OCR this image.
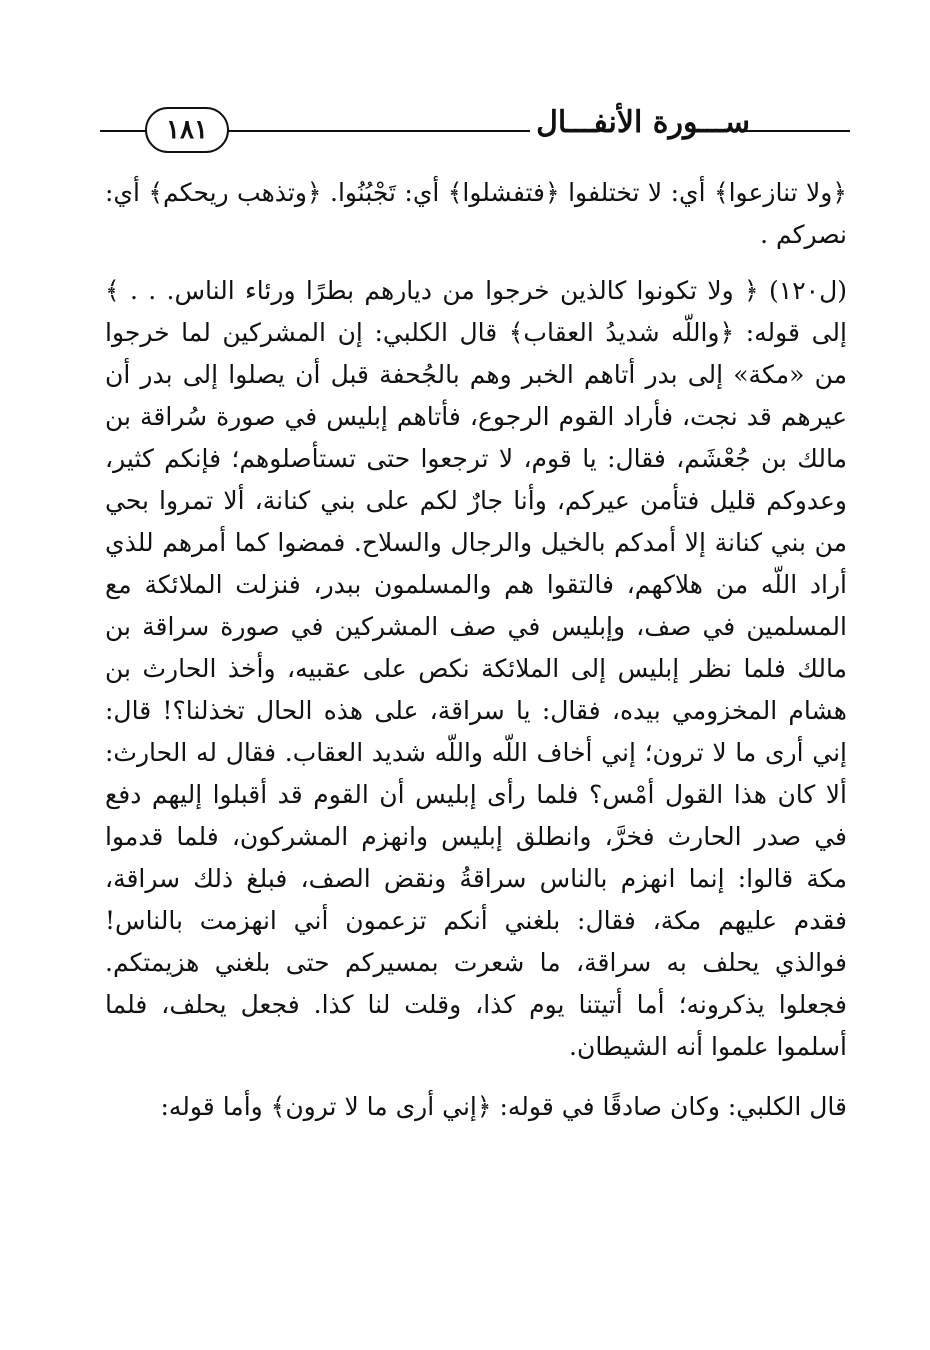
ســـورة الأنفـــال
١٨١

﴿ولا تنازعوا﴾ أي: لا تختلفوا ﴿فتفشلوا﴾ أي: تَجْبُنُوا. ﴿وتذهب ريحكم﴾ أي: نصركم .

(ل١٢٠) ﴿ ولا تكونوا كالذين خرجوا من ديارهم بطرًا ورئاء الناس. . . ﴾ إلى قوله: ﴿واللّه شديدُ العقاب﴾ قال الكلبي: إن المشركين لما خرجوا من «مكة» إلى بدر أتاهم الخبر وهم بالجُحفة قبل أن يصلوا إلى بدر أن عيرهم قد نجت، فأراد القوم الرجوع، فأتاهم إبليس في صورة سُراقة بن مالك بن جُعْشَم، فقال: يا قوم، لا ترجعوا حتى تستأصلوهم؛ فإنكم كثير، وعدوكم قليل فتأمن عيركم، وأنا جارٌ لكم على بني كنانة، ألا تمروا بحي من بني كنانة إلا أمدكم بالخيل والرجال والسلاح. فمضوا كما أمرهم للذي أراد اللّه من هلاكهم، فالتقوا هم والمسلمون ببدر، فنزلت الملائكة مع المسلمين في صف، وإبليس في صف المشركين في صورة سراقة بن مالك فلما نظر إبليس إلى الملائكة نكص على عقبيه، وأخذ الحارث بن هشام المخزومي بيده، فقال: يا سراقة، على هذه الحال تخذلنا؟! قال: إني أرى ما لا ترون؛ إني أخاف اللّه واللّه شديد العقاب. فقال له الحارث: ألا كان هذا القول أمْس؟ فلما رأى إبليس أن القوم قد أقبلوا إليهم دفع في صدر الحارث فخرَّ، وانطلق إبليس وانهزم المشركون، فلما قدموا مكة قالوا: إنما انهزم بالناس سراقةُ ونقض الصف، فبلغ ذلك سراقة، فقدم عليهم مكة، فقال: بلغني أنكم تزعمون أني انهزمت بالناس! فوالذي يحلف به سراقة، ما شعرت بمسيركم حتى بلغني هزيمتكم. فجعلوا يذكرونه؛ أما أتيتنا يوم كذا، وقلت لنا كذا. فجعل يحلف، فلما أسلموا علموا أنه الشيطان.

قال الكلبي: وكان صادقًا في قوله: ﴿إني أرى ما لا ترون﴾ وأما قوله:
